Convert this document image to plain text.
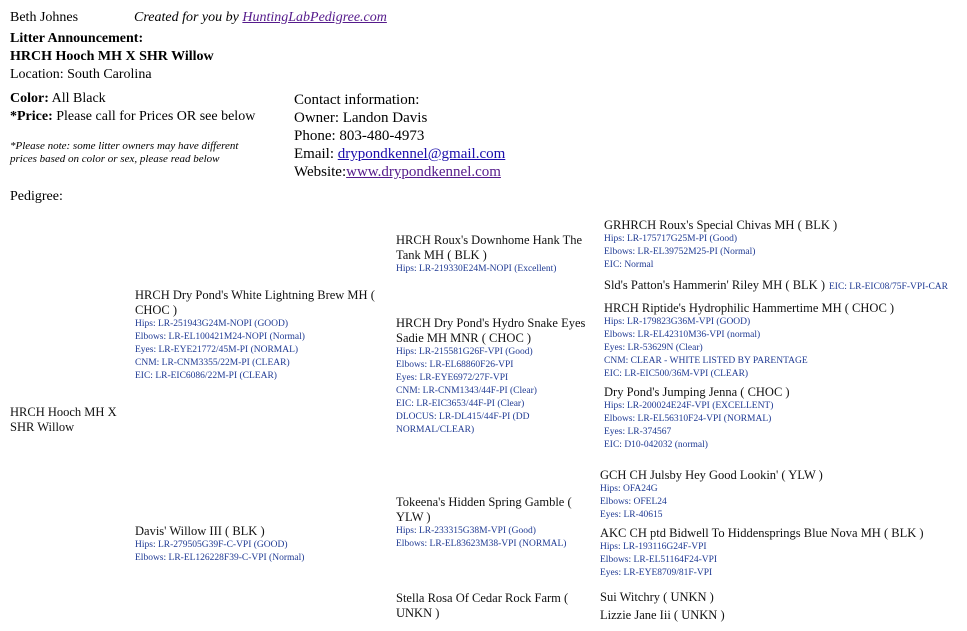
Beth Johnes	Created for you by HuntingLabPedigree.com
Litter Announcement:
HRCH Hooch MH X SHR Willow
Location: South Carolina
Color: All Black
*Price: Please call for Prices OR see below
*Please note: some litter owners may have different
prices based on color or sex, please read below
Contact information:
Owner: Landon Davis
Phone: 803-480-4973
Email: drypondkennel@gmail.com
Website:www.drypondkennel.com
Pedigree:
HRCH Hooch MH X
SHR Willow
HRCH Dry Pond's White Lightning Brew MH ( CHOC )
Hips: LR-251943G24M-NOPI (GOOD)
Elbows: LR-EL100421M24-NOPI (Normal)
Eyes: LR-EYE21772/45M-PI (NORMAL)
CNM: LR-CNM3355/22M-PI (CLEAR)
EIC: LR-EIC6086/22M-PI (CLEAR)
Davis' Willow III ( BLK )
Hips: LR-279505G39F-C-VPI (GOOD)
Elbows: LR-EL126228F39-C-VPI (Normal)
HRCH Roux's Downhome Hank The Tank MH ( BLK )
Hips: LR-219330E24M-NOPI (Excellent)
HRCH Dry Pond's Hydro Snake Eyes Sadie MH MNR ( CHOC )
Hips: LR-215581G26F-VPI (Good)
Elbows: LR-EL68860F26-VPI
Eyes: LR-EYE6972/27F-VPI
CNM: LR-CNM1343/44F-PI (Clear)
EIC: LR-EIC3653/44F-PI (Clear)
DLOCUS: LR-DL415/44F-PI (DD
NORMAL/CLEAR)
Tokeena's Hidden Spring Gamble ( YLW )
Hips: LR-233315G38M-VPI (Good)
Elbows: LR-EL83623M38-VPI (NORMAL)
Stella Rosa Of Cedar Rock Farm ( UNKN )
GRHRCH Roux's Special Chivas MH ( BLK )
Hips: LR-175717G25M-PI (Good)
Elbows: LR-EL39752M25-PI (Normal)
EIC: Normal
Sld's Patton's Hammerin' Riley MH ( BLK ) EIC: LR-EIC08/75F-VPI-CAR
HRCH Riptide's Hydrophilic Hammertime MH ( CHOC )
Hips: LR-179823G36M-VPI (GOOD)
Elbows: LR-EL42310M36-VPI (normal)
Eyes: LR-53629N (Clear)
CNM: CLEAR - WHITE LISTED BY PARENTAGE
EIC: LR-EIC500/36M-VPI (CLEAR)
Dry Pond's Jumping Jenna ( CHOC )
Hips: LR-200024E24F-VPI (EXCELLENT)
Elbows: LR-EL56310F24-VPI (NORMAL)
Eyes: LR-374567
EIC: D10-042032 (normal)
GCH CH Julsby Hey Good Lookin' ( YLW )
Hips: OFA24G
Elbows: OFEL24
Eyes: LR-40615
AKC CH ptd Bidwell To Hiddensprings Blue Nova MH ( BLK )
Hips: LR-193116G24F-VPI
Elbows: LR-EL51164F24-VPI
Eyes: LR-EYE8709/81F-VPI
Sui Witchry ( UNKN )
Lizzie Jane Iii ( UNKN )
